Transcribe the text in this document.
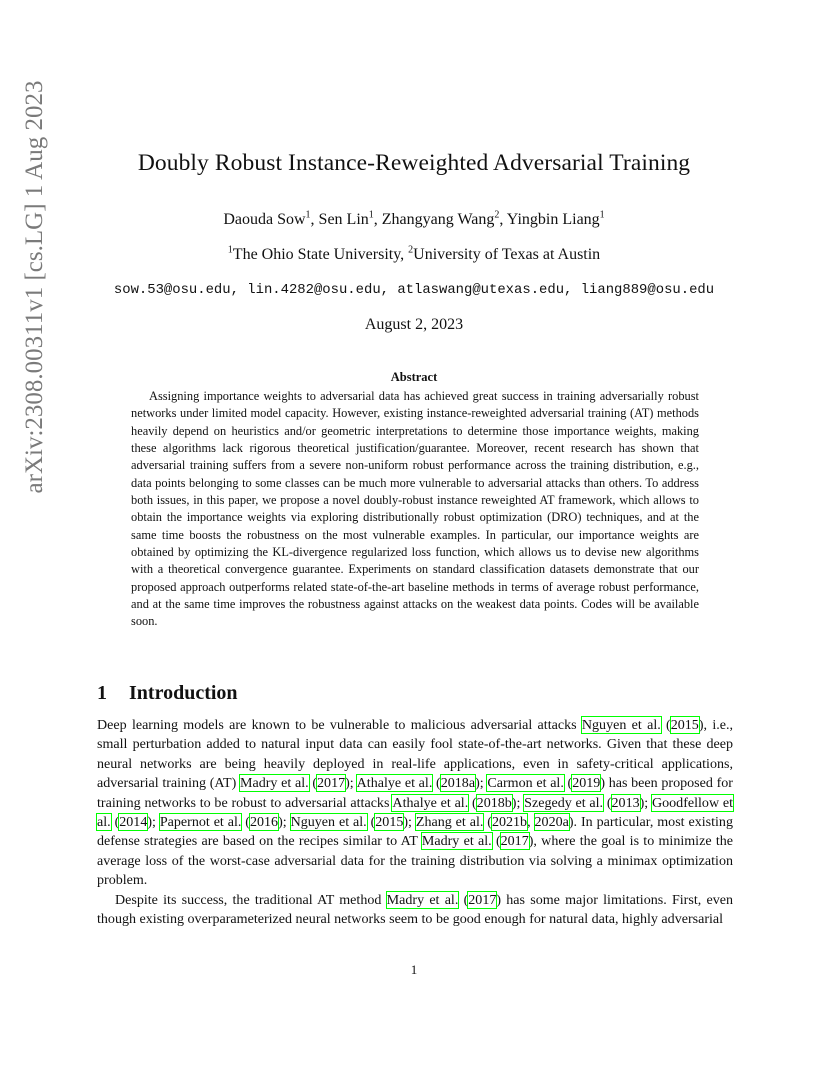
arXiv:2308.00311v1 [cs.LG] 1 Aug 2023	Doubly Robust Instance-Reweighted Adversarial Training
Daouda Sow$^1$, Sen Lin$^1$, Zhangyang Wang$^2$, Yingbin Liang$^1$
$^1$The Ohio State University, $^2$University of Texas at Austin
sow.53@osu.edu, lin.4282@osu.edu, atlaswang@utexas.edu, liang889@osu.edu
August 2, 2023
Abstract
Assigning importance weights to adversarial data has achieved great success in training adversarially robust networks under limited model capacity. However, existing instance-reweighted adversarial training (AT) methods heavily depend on heuristics and/or geometric interpretations to determine those importance weights, making these algorithms lack rigorous theoretical justification/guarantee. Moreover, recent research has shown that adversarial training suffers from a severe non-uniform robust performance across the training distribution, e.g., data points belonging to some classes can be much more vulnerable to adversarial attacks than others. To address both issues, in this paper, we propose a novel doubly-robust instance reweighted AT framework, which allows to obtain the importance weights via exploring distributionally robust optimization (DRO) techniques, and at the same time boosts the robustness on the most vulnerable examples. In particular, our importance weights are obtained by optimizing the KL-divergence regularized loss function, which allows us to devise new algorithms with a theoretical convergence guarantee. Experiments on standard classification datasets demonstrate that our proposed approach outperforms related state-of-the-art baseline methods in terms of average robust performance, and at the same time improves the robustness against attacks on the weakest data points. Codes will be available soon.
1 Introduction

Deep learning models are known to be vulnerable to malicious adversarial attacks Nguyen et al. (2015), i.e., small perturbation added to natural input data can easily fool state-of-the-art networks. Given that these deep neural networks are being heavily deployed in real-life applications, even in safety-critical applications, adversarial training (AT) Madry et al. (2017); Athalye et al. (2018a); Carmon et al. (2019) has been proposed for training networks to be robust to adversarial attacks Athalye et al. (2018b); Szegedy et al. (2013); Goodfellow et al. (2014); Papernot et al. (2016); Nguyen et al. (2015); Zhang et al. (2021b, 2020a). In particular, most existing defense strategies are based on the recipes similar to AT Madry et al. (2017), where the goal is to minimize the average loss of the worst-case adversarial data for the training distribution via solving a minimax optimization problem.

Despite its success, the traditional AT method Madry et al. (2017) has some major limitations. First, even though existing overparameterized neural networks seem to be good enough for natural data, highly adversarial

1
